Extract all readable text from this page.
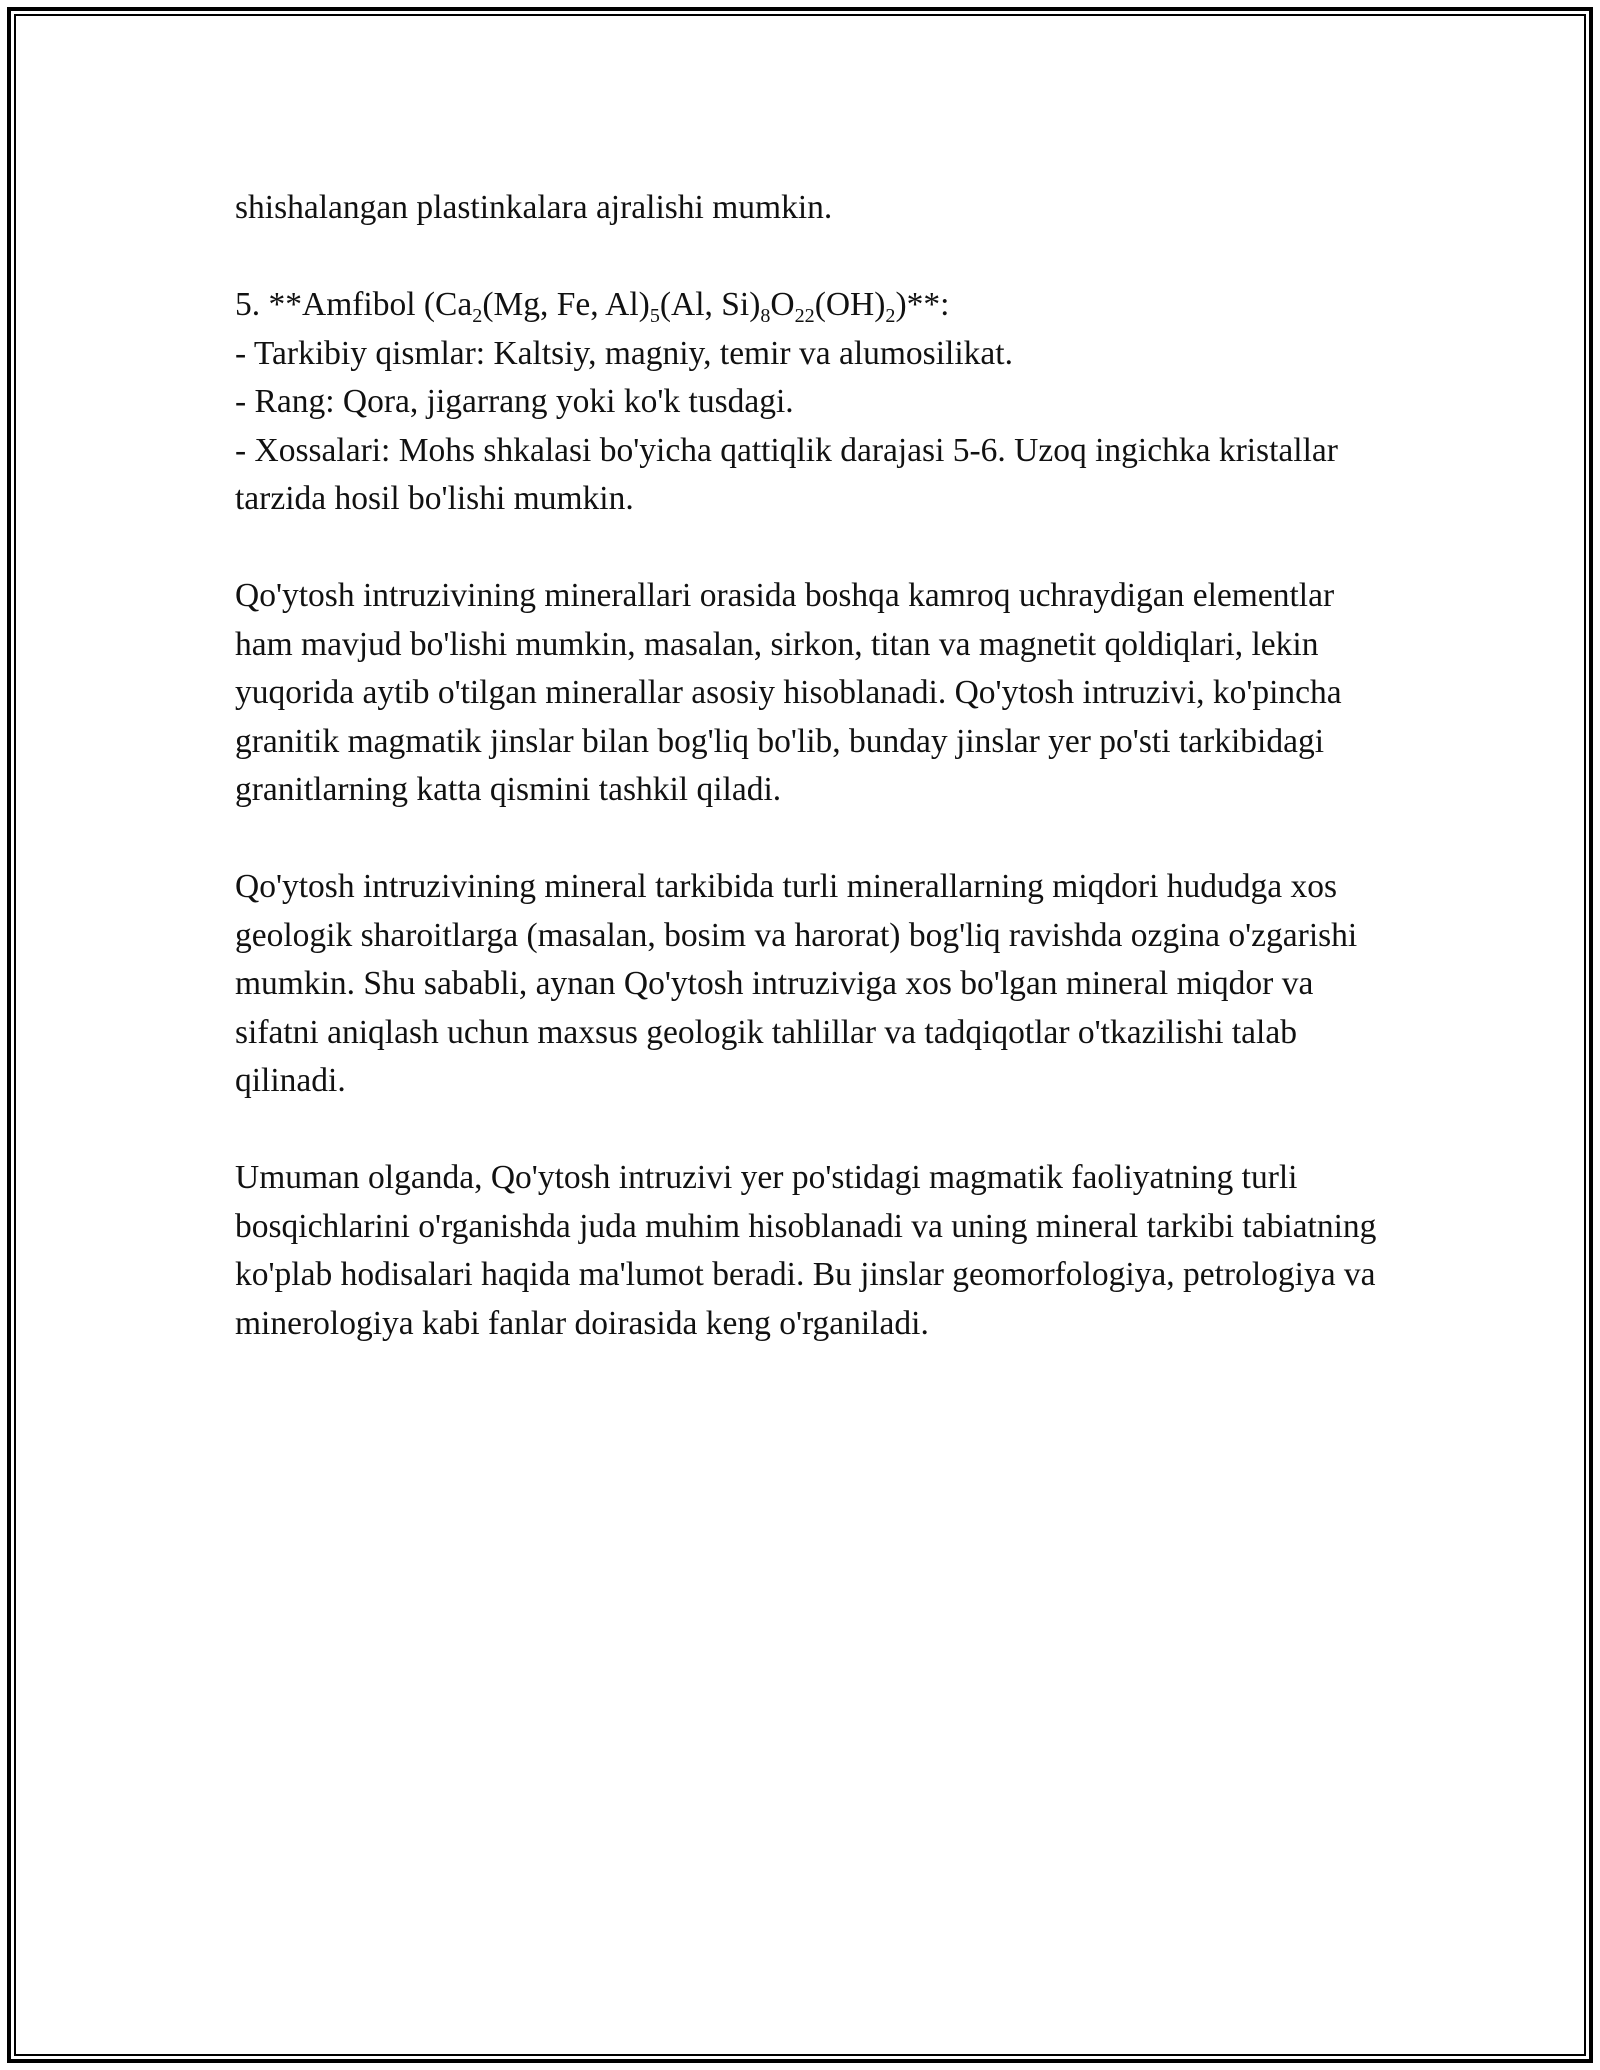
shishalangan plastinkalara ajralishi mumkin.

5. **Amfibol ($Ca_2(Mg$, Fe, $Al)_5(Al$, $Si)_8O_{22}(OH)_2)**$:

- Tarkibiy qismlar: Kaltsiy, magniy, temir va alumosilikat.

- Rang: Qora, jigarrang yoki ko'k tusdagi.

- Xossalari: Mohs shkalasi bo'yicha qattiqlik darajasi 5-6. Uzoq ingichka kristallar tarzida hosil bo'lishi mumkin.

Qo'ytosh intruzivining minerallari orasida boshqa kamroq uchraydigan elementlar ham mavjud bo'lishi mumkin, masalan, sirkon, titan va magnetit qoldiqlari, lekin yuqorida aytib o'tilgan minerallar asosiy hisoblanadi. Qo'ytosh intruzivi, ko'pincha granitik magmatik jinslar bilan bog'liq bo'lib, bunday jinslar yer po'sti tarkibidagi granitlarning katta qismini tashkil qiladi.

Qo'ytosh intruzivining mineral tarkibida turli minerallarning miqdori hududga xos geologik sharoitlarga (masalan, bosim va harorat) bog'liq ravishda ozgina o'zgarishi mumkin. Shu sababli, aynan Qo'ytosh intruziviga xos bo'lgan mineral miqdor va sifatni aniqlash uchun maxsus geologik tahlillar va tadqiqotlar o'tkazilishi talab qilinadi.

Umuman olganda, Qo'ytosh intruzivi yer po'stidagi magmatik faoliyatning turli bosqichlarini o'rganishda juda muhim hisoblanadi va uning mineral tarkibi tabiatning ko'plab hodisalari haqida ma'lumot beradi. Bu jinslar geomorfologiya, petrologiya va minerologiya kabi fanlar doirasida keng o'rganiladi.
